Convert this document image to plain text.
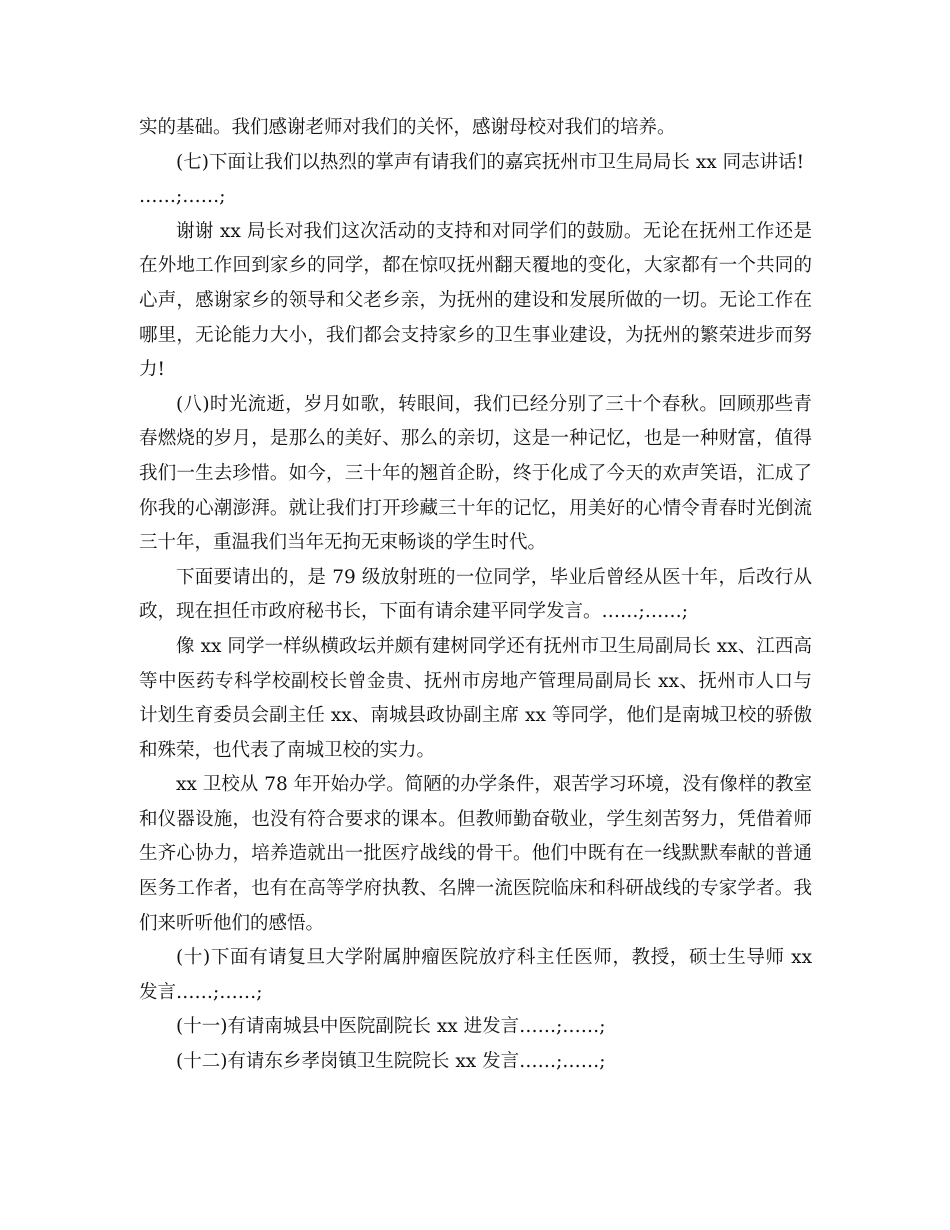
实的基础。我们感谢老师对我们的关怀，感谢母校对我们的培养。

(七)下面让我们以热烈的掌声有请我们的嘉宾抚州市卫生局局长 xx 同志讲话!

……;……;

谢谢 xx 局长对我们这次活动的支持和对同学们的鼓励。无论在抚州工作还是在外地工作回到家乡的同学，都在惊叹抚州翻天覆地的变化，大家都有一个共同的心声，感谢家乡的领导和父老乡亲，为抚州的建设和发展所做的一切。无论工作在哪里，无论能力大小，我们都会支持家乡的卫生事业建设，为抚州的繁荣进步而努力!

(八)时光流逝，岁月如歌，转眼间，我们已经分别了三十个春秋。回顾那些青春燃烧的岁月，是那么的美好、那么的亲切，这是一种记忆，也是一种财富，值得我们一生去珍惜。如今，三十年的翘首企盼，终于化成了今天的欢声笑语，汇成了你我的心潮澎湃。就让我们打开珍藏三十年的记忆，用美好的心情令青春时光倒流三十年，重温我们当年无拘无束畅谈的学生时代。

下面要请出的，是 79 级放射班的一位同学，毕业后曾经从医十年，后改行从政，现在担任市政府秘书长，下面有请余建平同学发言。……;……;

像 xx 同学一样纵横政坛并颇有建树同学还有抚州市卫生局副局长 xx、江西高等中医药专科学校副校长曾金贵、抚州市房地产管理局副局长 xx、抚州市人口与计划生育委员会副主任 xx、南城县政协副主席 xx 等同学，他们是南城卫校的骄傲和殊荣，也代表了南城卫校的实力。

xx 卫校从 78 年开始办学。简陋的办学条件，艰苦学习环境，没有像样的教室和仪器设施，也没有符合要求的课本。但教师勤奋敬业，学生刻苦努力，凭借着师生齐心协力，培养造就出一批医疗战线的骨干。他们中既有在一线默默奉献的普通医务工作者，也有在高等学府执教、名牌一流医院临床和科研战线的专家学者。我们来听听他们的感悟。

(十)下面有请复旦大学附属肿瘤医院放疗科主任医师，教授，硕士生导师 xx 发言……;……;

(十一)有请南城县中医院副院长 xx 进发言……;……;

(十二)有请东乡孝岗镇卫生院院长 xx 发言……;……;
